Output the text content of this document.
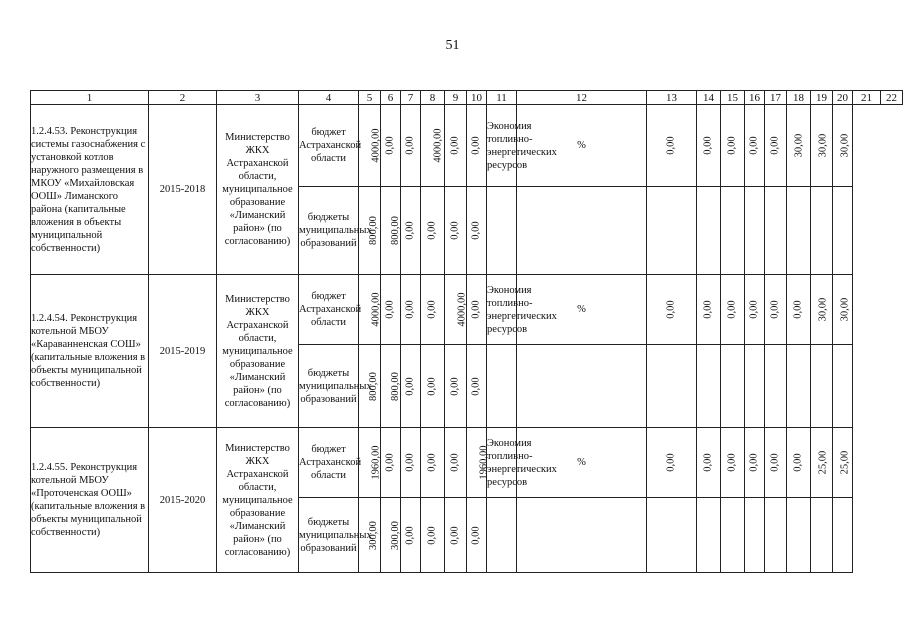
51
1	2	3	4	5	6	7	8	9	10	11	12	13	14	15	16	17	18	19	20	21	22
1.2.4.53. Реконструкция системы газоснабжения с установкой котлов наружного размещения в МКОУ «Михайловская ООШ» Лиманского района (капитальные вложения в объекты муниципальной собственности)	2015-2018	Министерство ЖКХ Астраханской области, муниципальное образование «Лиманский район» (по согласованию)	бюджет Астраханской области	4000,00	0,00	0,00	4000,00	0,00	0,00	Экономия топливно-энергетических ресурсов	%	0,00	0,00	0,00	0,00	0,00	30,00	30,00	30,00		
			бюджеты муниципальных образований	800,00	800,00	0,00	0,00	0,00	0,00												
1.2.4.54. Реконструкция котельной МБОУ «Караванненская СОШ» (капитальные вложения в объекты муниципальной собственности)	2015-2019	Министерство ЖКХ Астраханской области, муниципальное образование «Лиманский район» (по согласованию)	бюджет Астраханской области	4000,00	0,00	0,00	0,00	4000,00	0,00	Экономия топливно-энергетических ресурсов	%	0,00	0,00	0,00	0,00	0,00	0,00	30,00	30,00		
			бюджеты муниципальных образований	800,00	800,00	0,00	0,00	0,00	0,00												
1.2.4.55. Реконструкция котельной МБОУ «Проточенская ООШ» (капитальные вложения в объекты муниципальной собственности)	2015-2020	Министерство ЖКХ Астраханской области, муниципальное образование «Лиманский район» (по согласованию)	бюджет Астраханской области	1960,00	0,00	0,00	0,00	0,00	1960,00	Экономия топливно-энергетических ресурсов	%	0,00	0,00	0,00	0,00	0,00	0,00	25,00	25,00		
			бюджеты муниципальных образований	300,00	300,00	0,00	0,00	0,00	0,00												
